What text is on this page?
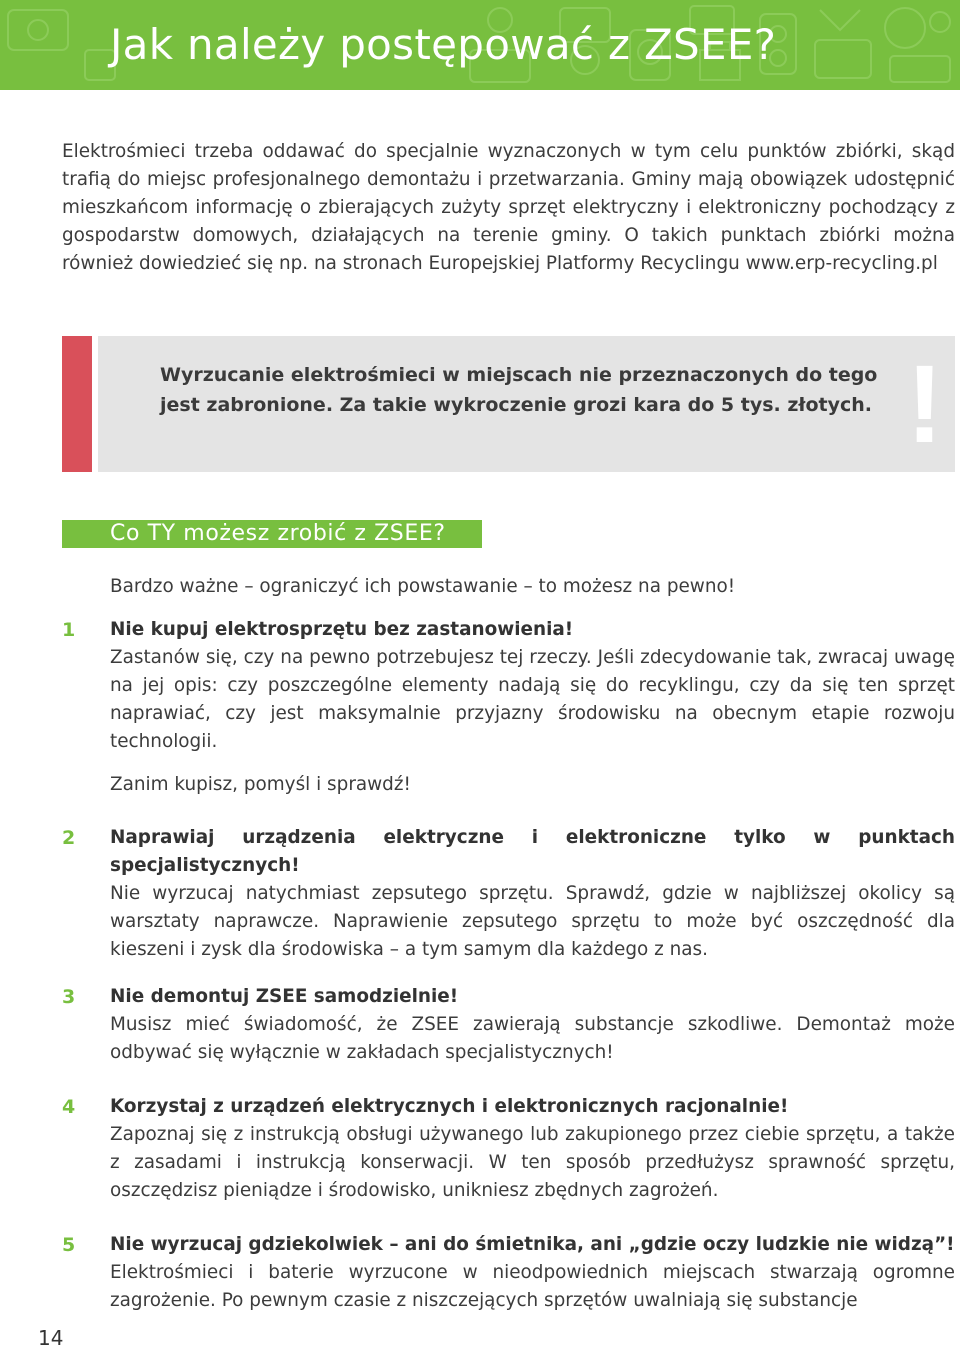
Jak należy postępować z ZSEE?

Elektrośmieci trzeba oddawać do specjalnie wyznaczonych w tym celu punktów zbiórki, skąd trafią do miejsc profesjonalnego demontażu i przetwarzania. Gminy mają obowiązek udostępnić mieszkańcom informację o zbierających zużyty sprzęt elektryczny i elektroniczny pochodzący z gospodarstw domowych, działających na terenie gminy. O takich punktach zbiórki można również dowiedzieć się np. na stronach Europejskiej Platformy Recyclingu www.erp-recycling.pl

Wyrzucanie elektrośmieci w miejscach nie przeznaczonych do tego jest zabronione. Za takie wykroczenie grozi kara do 5 tys. złotych. !
Co TY możesz zrobić z ZSEE?

Bardzo ważne – ograniczyć ich powstawanie – to możesz na pewno!

1	Nie kupuj elektrosprzętu bez zastanowienia!

Zastanów się, czy na pewno potrzebujesz tej rzeczy. Jeśli zdecydowanie tak, zwracaj uwagę na jej opis: czy poszczególne elementy nadają się do recyklingu, czy da się ten sprzęt naprawiać, czy jest maksymalnie przyjazny środowisku na obecnym etapie rozwoju technologii.

Zanim kupisz, pomyśl i sprawdź!

2	Naprawiaj urządzenia elektryczne i elektroniczne tylko w punktach specjalistycznych!

Nie wyrzucaj natychmiast zepsutego sprzętu. Sprawdź, gdzie w najbliższej okolicy są warsztaty naprawcze. Naprawienie zepsutego sprzętu to może być oszczędność dla kieszeni i zysk dla środowiska – a tym samym dla każdego z nas.

3	Nie demontuj ZSEE samodzielnie!

Musisz mieć świadomość, że ZSEE zawierają substancje szkodliwe. Demontaż może odbywać się wyłącznie w zakładach specjalistycznych!

4	Korzystaj z urządzeń elektrycznych i elektronicznych racjonalnie!

Zapoznaj się z instrukcją obsługi używanego lub zakupionego przez ciebie sprzętu, a także z zasadami i instrukcją konserwacji. W ten sposób przedłużysz sprawność sprzętu, oszczędzisz pieniądze i środowisko, unikniesz zbędnych zagrożeń.

5	Nie wyrzucaj gdziekolwiek – ani do śmietnika, ani „gdzie oczy ludzkie nie widzą”!

Elektrośmieci i baterie wyrzucone w nieodpowiednich miejscach stwarzają ogromne zagrożenie. Po pewnym czasie z niszczejących sprzętów uwalniają się substancje

14
